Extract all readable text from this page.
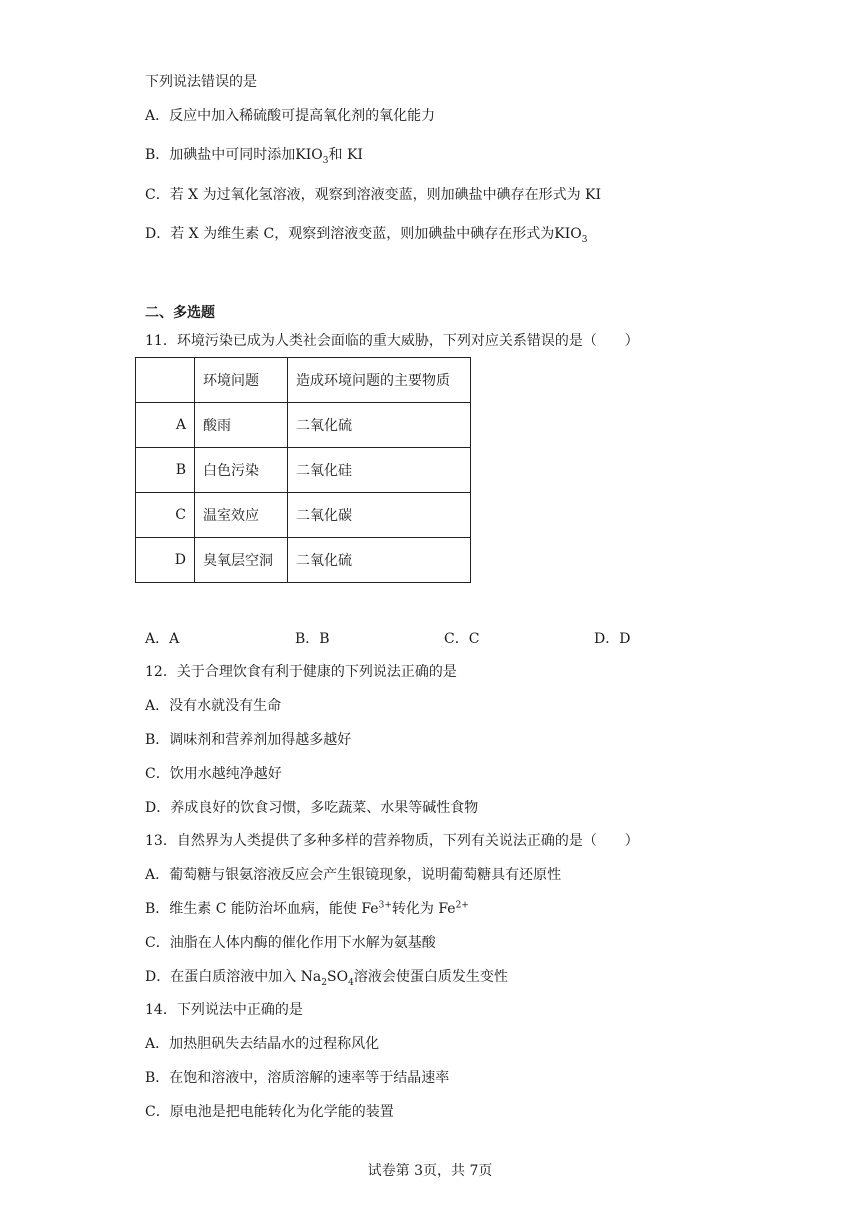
下列说法错误的是
A．反应中加入稀硫酸可提高氧化剂的氧化能力
B．加碘盐中可同时添加$KIO_3$和 KI
C．若 X 为过氧化氢溶液，观察到溶液变蓝，则加碘盐中碘存在形式为 KI
D．若 X 为维生素 C，观察到溶液变蓝，则加碘盐中碘存在形式为$KIO_3$
二、多选题
11．环境污染已成为人类社会面临的重大威胁，下列对应关系错误的是（　　）
	环境问题	造成环境问题的主要物质
A	酸雨	二氧化硫
B	白色污染	二氧化硅
C	温室效应	二氧化碳
D	臭氧层空洞	二氧化硫
A．A	B．B	C．C	D．D
12．关于合理饮食有利于健康的下列说法正确的是
A．没有水就没有生命
B．调味剂和营养剂加得越多越好
C．饮用水越纯净越好
D．养成良好的饮食习惯，多吃蔬菜、水果等碱性食物
13．自然界为人类提供了多种多样的营养物质，下列有关说法正确的是（　　）
A．葡萄糖与银氨溶液反应会产生银镜现象，说明葡萄糖具有还原性
B．维生素 C 能防治坏血病，能使 $Fe^{3+}$转化为 $Fe^{2+}$
C．油脂在人体内酶的催化作用下水解为氨基酸
D．在蛋白质溶液中加入 $Na_2SO_4$溶液会使蛋白质发生变性
14．下列说法中正确的是
A．加热胆矾失去结晶水的过程称风化
B．在饱和溶液中，溶质溶解的速率等于结晶速率
C．原电池是把电能转化为化学能的装置
试卷第 3页，共 7页
